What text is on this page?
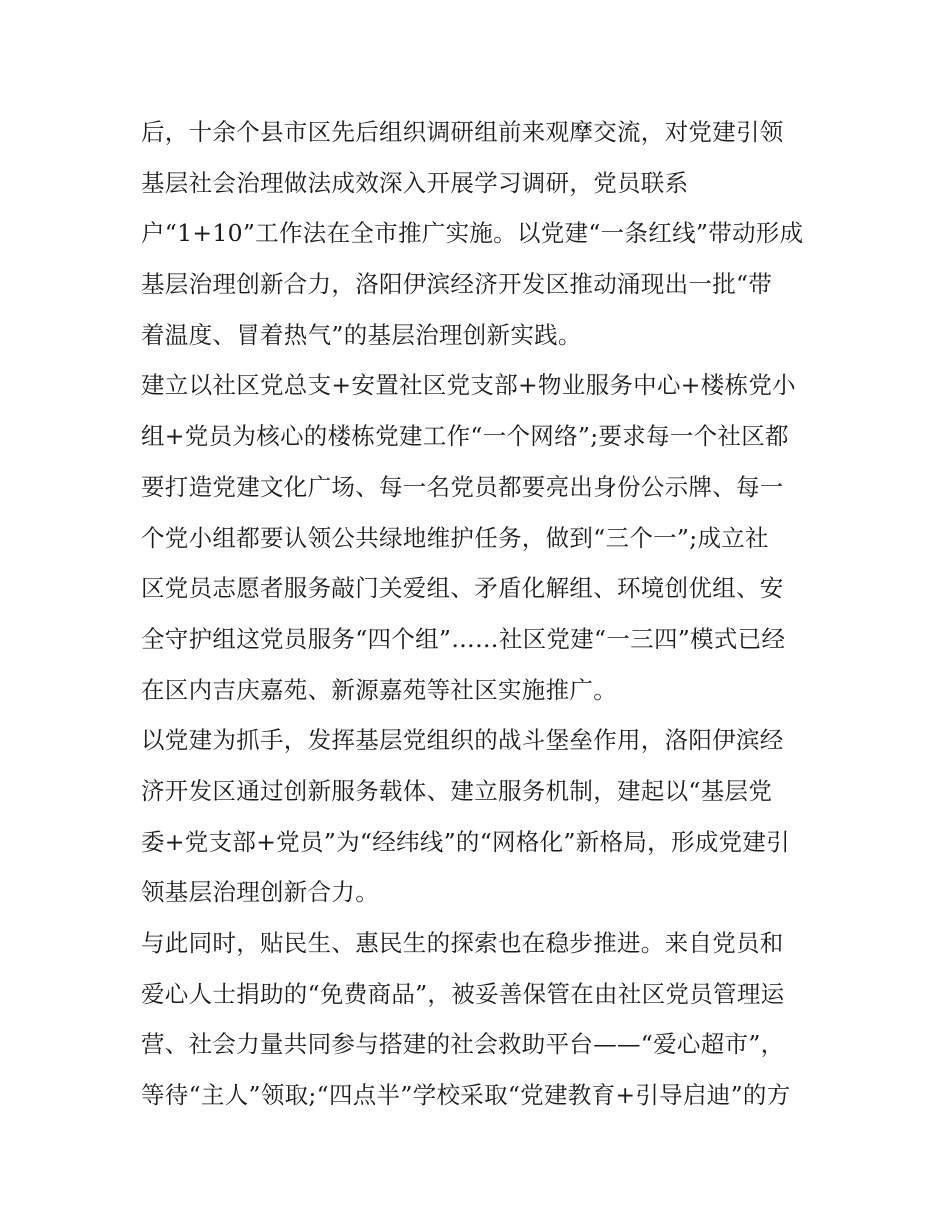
后，十余个县市区先后组织调研组前来观摩交流，对党建引领
基层社会治理做法成效深入开展学习调研，党员联系
户“1+10”工作法在全市推广实施。以党建“一条红线”带动形成
基层治理创新合力，洛阳伊滨经济开发区推动涌现出一批“带
着温度、冒着热气”的基层治理创新实践。
建立以社区党总支+安置社区党支部+物业服务中心+楼栋党小
组+党员为核心的楼栋党建工作“一个网络”;要求每一个社区都
要打造党建文化广场、每一名党员都要亮出身份公示牌、每一
个党小组都要认领公共绿地维护任务，做到“三个一”;成立社
区党员志愿者服务敲门关爱组、矛盾化解组、环境创优组、安
全守护组这党员服务“四个组”……社区党建“一三四”模式已经
在区内吉庆嘉苑、新源嘉苑等社区实施推广。
以党建为抓手，发挥基层党组织的战斗堡垒作用，洛阳伊滨经
济开发区通过创新服务载体、建立服务机制，建起以“基层党
委+党支部+党员”为“经纬线”的“网格化”新格局，形成党建引
领基层治理创新合力。
与此同时，贴民生、惠民生的探索也在稳步推进。来自党员和
爱心人士捐助的“免费商品”，被妥善保管在由社区党员管理运
营、社会力量共同参与搭建的社会救助平台——“爱心超市”，
等待“主人”领取;“四点半”学校采取“党建教育+引导启迪”的方
